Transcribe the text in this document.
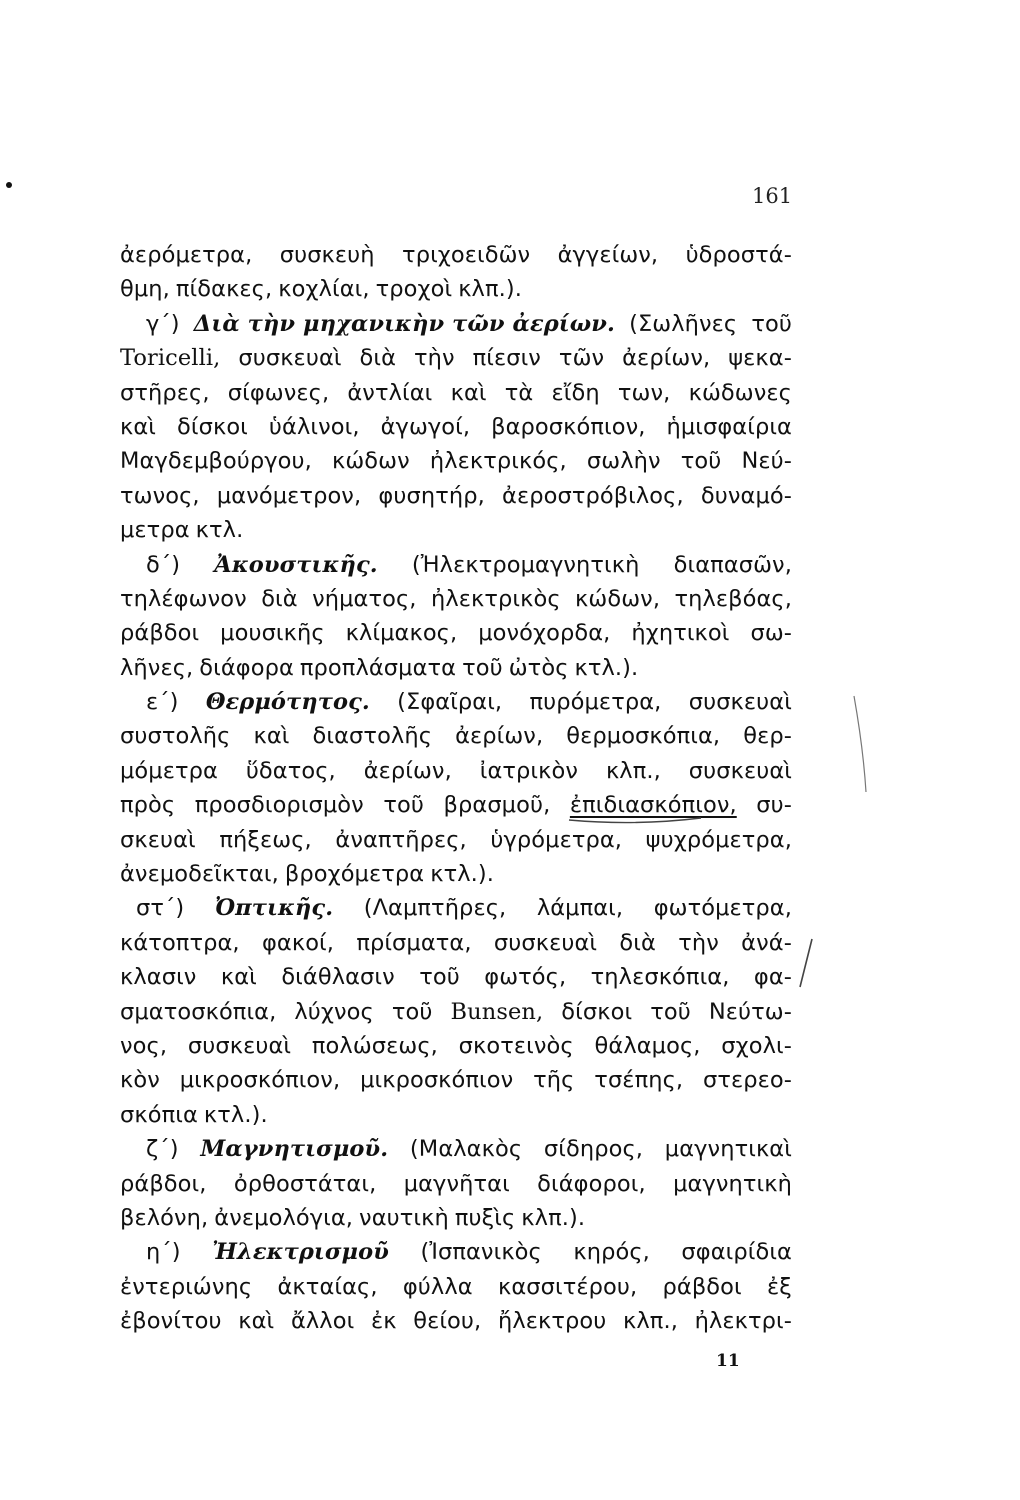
161
ἀερόμετρα, συσκευὴ τριχοειδῶν ἀγγείων, ὑδροστά-
θμη, πίδακες, κοχλίαι, τροχοὶ κλπ.).
γ΄) Διὰ τὴν μηχανικὴν τῶν ἀερίων. (Σωλῆνες τοῦ
Toricelli, συσκευαὶ διὰ τὴν πίεσιν τῶν ἀερίων, ψεκα-
στῆρες, σίφωνες, ἀντλίαι καὶ τὰ εἴδη των, κώδωνες
καὶ δίσκοι ὑάλινοι, ἀγωγοί, βαροσκόπιον, ἡμισφαίρια
Μαγδεμβούργου, κώδων ἠλεκτρικός, σωλὴν τοῦ Νεύ-
τωνος, μανόμετρον, φυσητήρ, ἀεροστρόβιλος, δυναμό-
μετρα κτλ.
δ΄) Ἀκουστικῆς. (Ἠλεκτρομαγνητικὴ διαπασῶν,
τηλέφωνον διὰ νήματος, ἠλεκτρικὸς κώδων, τηλεβόας,
ράβδοι μουσικῆς κλίμακος, μονόχορδα, ἠχητικοὶ σω-
λῆνες, διάφορα προπλάσματα τοῦ ὠτὸς κτλ.).
ε΄) Θερμότητος. (Σφαῖραι, πυρόμετρα, συσκευαὶ
συστολῆς καὶ διαστολῆς ἀερίων, θερμοσκόπια, θερ-
μόμετρα ὕδατος, ἀερίων, ἰατρικὸν κλπ., συσκευαὶ
πρὸς προσδιορισμὸν τοῦ βρασμοῦ, ἐπιδιασκόπιον, συ-
σκευαὶ πήξεως, ἀναπτῆρες, ὑγρόμετρα, ψυχρόμετρα,
ἀνεμοδεῖκται, βροχόμετρα κτλ.).
στ΄) Ὀπτικῆς. (Λαμπτῆρες, λάμπαι, φωτόμετρα,
κάτοπτρα, φακοί, πρίσματα, συσκευαὶ διὰ τὴν ἀνά-
κλασιν καὶ διάθλασιν τοῦ φωτός, τηλεσκόπια, φα-
σματοσκόπια, λύχνος τοῦ Bunsen, δίσκοι τοῦ Νεύτω-
νος, συσκευαὶ πολώσεως, σκοτεινὸς θάλαμος, σχολι-
κὸν μικροσκόπιον, μικροσκόπιον τῆς τσέπης, στερεο-
σκόπια κτλ.).
ζ΄) Μαγνητισμοῦ. (Μαλακὸς σίδηρος, μαγνητικαὶ
ράβδοι, ὀρθοστάται, μαγνῆται διάφοροι, μαγνητικὴ
βελόνη, ἀνεμολόγια, ναυτικὴ πυξὶς κλπ.).
η΄) Ἠλεκτρισμοῦ (Ἰσπανικὸς κηρός, σφαιρίδια
ἐντεριώνης ἀκταίας, φύλλα κασσιτέρου, ράβδοι ἐξ
ἐβονίτου καὶ ἄλλοι ἐκ θείου, ἤλεκτρου κλπ., ἠλεκτρι-
11
